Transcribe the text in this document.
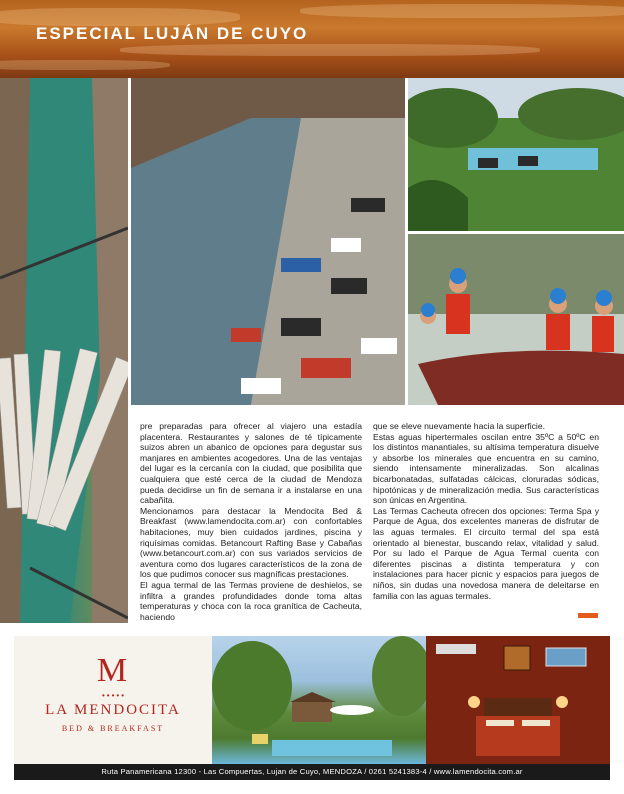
ESPECIAL LUJÁN DE CUYO

pre preparadas para ofrecer al viajero una estadía placentera. Restaurantes y salones de té típicamente suizos abren un abanico de opciones para degustar sus manjares en ambientes acogedores. Una de las ventajas del lugar es la cercanía con la ciudad, que posibilita que cualquiera que esté cerca de la ciudad de Mendoza pueda decidirse un fin de semana ir a instalarse en una cabañita.

Mencionamos para destacar la Mendocita Bed & Breakfast (www.lamendocita.com.ar) con confortables habitaciones, muy bien cuidados jardines, piscina y riquísimas comidas. Betancourt Rafting Base y Cabañas (www.betancourt.com.ar) con sus variados servicios de aventura como dos lugares característicos de la zona de los que pudimos conocer sus magníficas prestaciones.

El agua termal de las Termas proviene de deshielos, se infiltra a grandes profundidades donde toma altas temperaturas y choca con la roca granítica de Cacheuta, haciendo

que se eleve nuevamente hacia la superficie.

Estas aguas hipertermales oscilan entre 35ºC a 50ºC en los distintos manantiales, su altísima temperatura disuelve y absorbe los minerales que encuentra en su camino, siendo intensamente mineralizadas. Son alcalinas bicarbonatadas, sulfatadas cálcicas, cloruradas sódicas, hipotónicas y de mineralización media. Sus características son únicas en Argentina.

Las Termas Cacheuta ofrecen dos opciones: Terma Spa y Parque de Agua, dos excelentes maneras de disfrutar de las aguas termales. El circuito termal del spa está orientado al bienestar, buscando relax, vitalidad y salud. Por su lado el Parque de Agua Termal cuenta con diferentes piscinas a distinta temperatura y con instalaciones para hacer picnic y espacios para juegos de niños, sin dudas una novedosa manera de deleitarse en familia con las aguas termales.

M
•••••
LA MENDOCITA
BED & BREAKFAST
Ruta Panamericana 12300 - Las Compuertas, Lujan de Cuyo, MENDOZA / 0261 5241383-4 / www.lamendocita.com.ar
